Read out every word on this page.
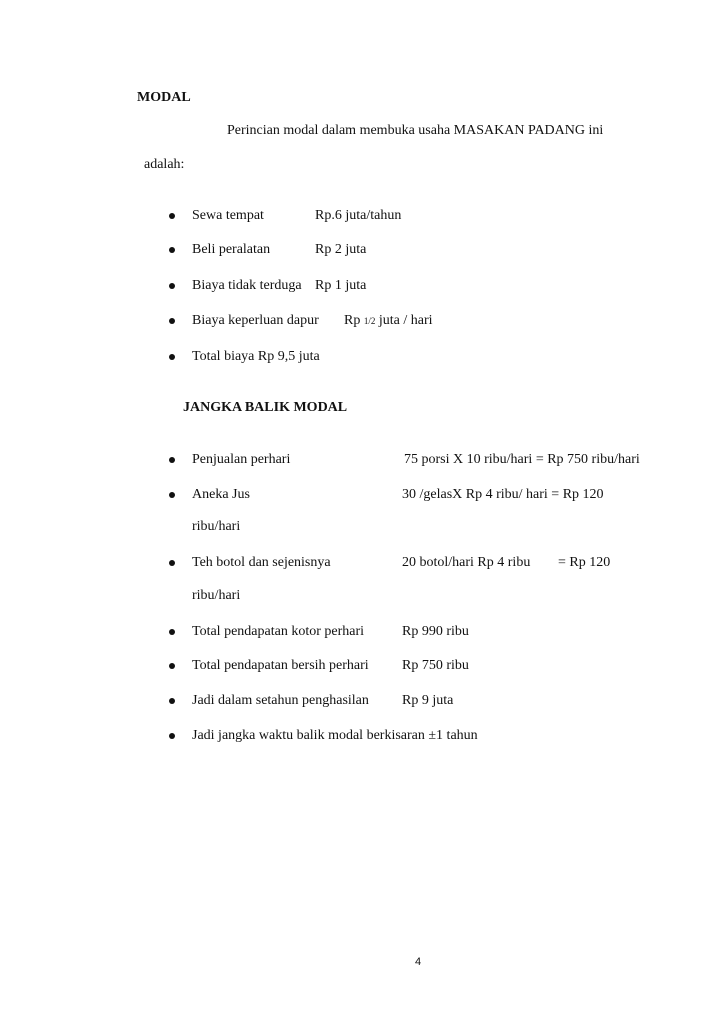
MODAL
Perincian modal dalam membuka usaha MASAKAN PADANG ini
adalah:
Sewa tempat	Rp.6 juta/tahun
Beli peralatan	Rp 2 juta
Biaya tidak terduga Rp 1 juta
Biaya keperluan dapur Rp 1/2 juta / hari
Total biaya Rp 9,5 juta
JANGKA BALIK MODAL
Penjualan perhari	75 porsi X 10 ribu/hari = Rp 750 ribu/hari
Aneka Jus	30 /gelasX Rp 4 ribu/ hari = Rp 120
ribu/hari
Teh botol dan sejenisnya	20 botol/hari Rp 4 ribu = Rp 120
ribu/hari
Total pendapatan kotor perhari	Rp 990 ribu
Total pendapatan bersih perhari Rp 750 ribu
Jadi dalam setahun penghasilan Rp 9 juta
Jadi jangka waktu balik modal berkisaran ±1 tahun
4
